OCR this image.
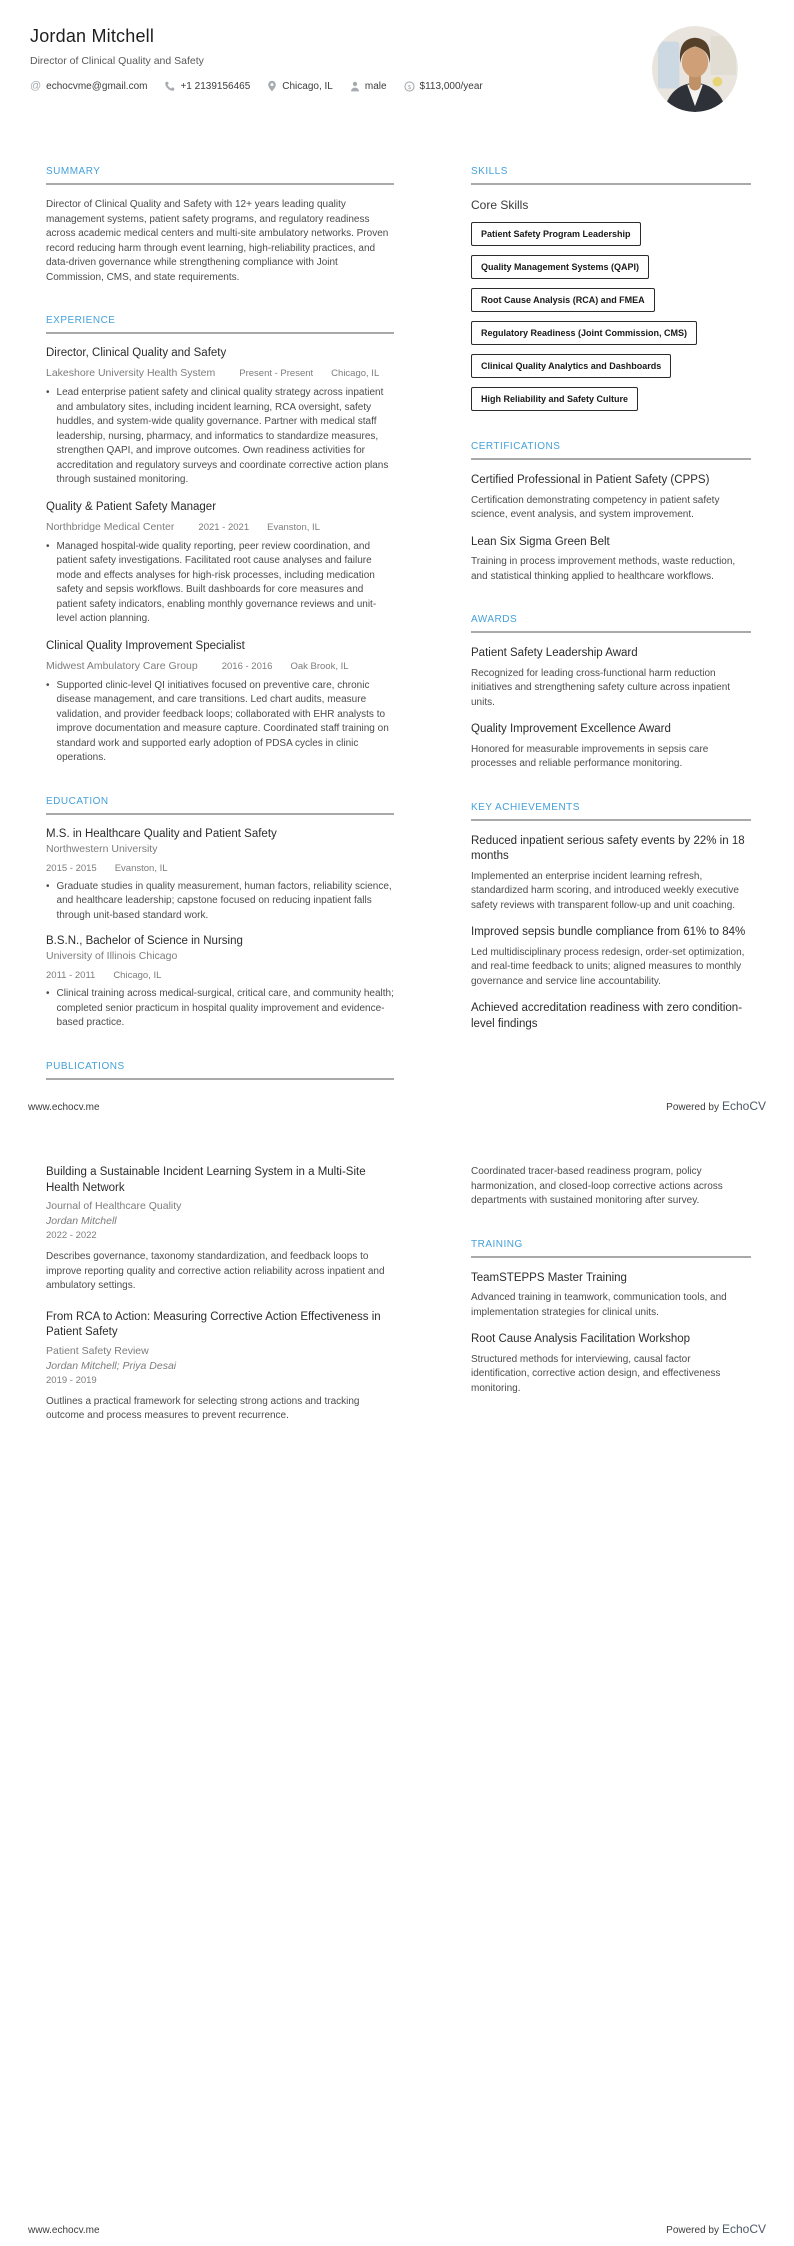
Jordan Mitchell
Director of Clinical Quality and Safety
@ echocvme@gmail.com	+1 2139156465	Chicago, IL	male	$ $113,000/year
SUMMARY

Director of Clinical Quality and Safety with 12+ years leading quality management systems, patient safety programs, and regulatory readiness across academic medical centers and multi-site ambulatory networks. Proven record reducing harm through event learning, high-reliability practices, and data-driven governance while strengthening compliance with Joint Commission, CMS, and state requirements.

EXPERIENCE
Director, Clinical Quality and Safety
Lakeshore University Health System	Present - Present Chicago, IL
• Lead enterprise patient safety and clinical quality strategy across inpatient and ambulatory sites, including incident learning, RCA oversight, safety huddles, and system-wide quality governance. Partner with medical staff leadership, nursing, pharmacy, and informatics to standardize measures, strengthen QAPI, and improve outcomes. Own readiness activities for accreditation and regulatory surveys and coordinate corrective action plans through sustained monitoring.

Quality & Patient Safety Manager
Northbridge Medical Center	2021 - 2021 Evanston, IL
• Managed hospital-wide quality reporting, peer review coordination, and patient safety investigations. Facilitated root cause analyses and failure mode and effects analyses for high-risk processes, including medication safety and sepsis workflows. Built dashboards for core measures and patient safety indicators, enabling monthly governance reviews and unit-level action planning.

Clinical Quality Improvement Specialist
Midwest Ambulatory Care Group	2016 - 2016 Oak Brook, IL
• Supported clinic-level QI initiatives focused on preventive care, chronic disease management, and care transitions. Led chart audits, measure validation, and provider feedback loops; collaborated with EHR analysts to improve documentation and measure capture. Coordinated staff training on standard work and supported early adoption of PDSA cycles in clinic operations.

EDUCATION
M.S. in Healthcare Quality and Patient Safety
Northwestern University
2015 - 2015 Evanston, IL
• Graduate studies in quality measurement, human factors, reliability science, and healthcare leadership; capstone focused on reducing inpatient falls through unit-based standard work.

B.S.N., Bachelor of Science in Nursing
University of Illinois Chicago
2011 - 2011 Chicago, IL
• Clinical training across medical-surgical, critical care, and community health; completed senior practicum in hospital quality improvement and evidence-based practice.

PUBLICATIONS
SKILLS
Core Skills
Patient Safety Program Leadership
Quality Management Systems (QAPI)
Root Cause Analysis (RCA) and FMEA
Regulatory Readiness (Joint Commission, CMS)
Clinical Quality Analytics and Dashboards
High Reliability and Safety Culture
CERTIFICATIONS
Certified Professional in Patient Safety (CPPS)

Certification demonstrating competency in patient safety science, event analysis, and system improvement.

Lean Six Sigma Green Belt

Training in process improvement methods, waste reduction, and statistical thinking applied to healthcare workflows.

AWARDS
Patient Safety Leadership Award

Recognized for leading cross-functional harm reduction initiatives and strengthening safety culture across inpatient units.

Quality Improvement Excellence Award

Honored for measurable improvements in sepsis care processes and reliable performance monitoring.

KEY ACHIEVEMENTS
Reduced inpatient serious safety events by 22% in 18 months

Implemented an enterprise incident learning refresh, standardized harm scoring, and introduced weekly executive safety reviews with transparent follow-up and unit coaching.

Improved sepsis bundle compliance from 61% to 84%

Led multidisciplinary process redesign, order-set optimization, and real-time feedback to units; aligned measures to monthly governance and service line accountability.

Achieved accreditation readiness with zero condition-level findings
www.echocv.me	Powered by EchoCV
Building a Sustainable Incident Learning System in a Multi-Site Health Network
Journal of Healthcare Quality
Jordan Mitchell
2022 - 2022

Describes governance, taxonomy standardization, and feedback loops to improve reporting quality and corrective action reliability across inpatient and ambulatory settings.

From RCA to Action: Measuring Corrective Action Effectiveness in Patient Safety
Patient Safety Review
Jordan Mitchell; Priya Desai
2019 - 2019

Outlines a practical framework for selecting strong actions and tracking outcome and process measures to prevent recurrence.

Coordinated tracer-based readiness program, policy harmonization, and closed-loop corrective actions across departments with sustained monitoring after survey.

TRAINING
TeamSTEPPS Master Training

Advanced training in teamwork, communication tools, and implementation strategies for clinical units.

Root Cause Analysis Facilitation Workshop

Structured methods for interviewing, causal factor identification, corrective action design, and effectiveness monitoring.

www.echocv.me	Powered by EchoCV
